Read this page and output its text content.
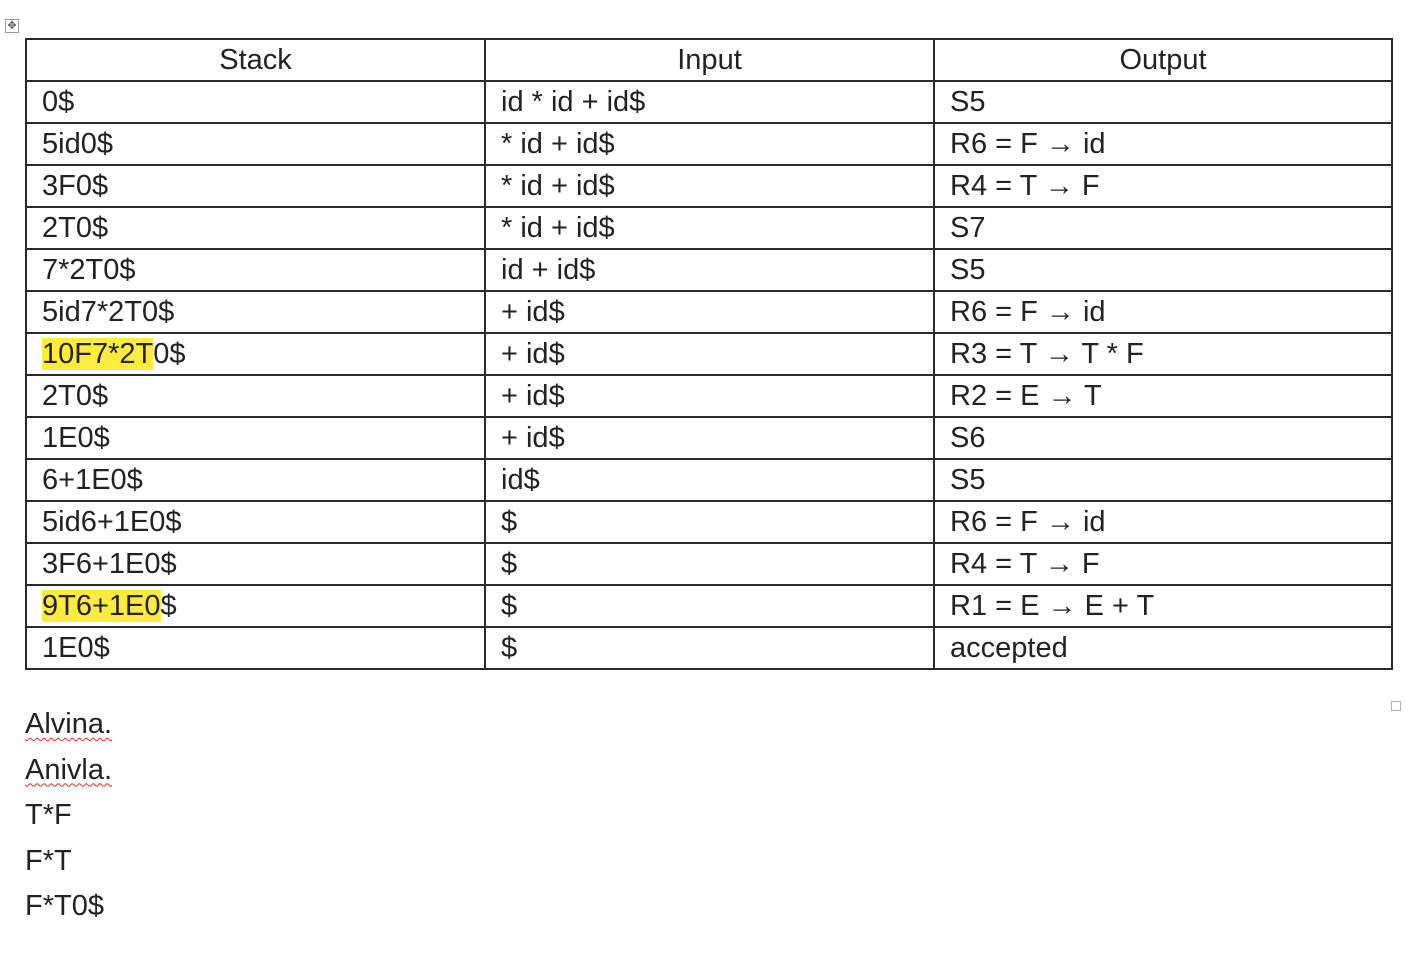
✥
Stack	Input	Output
0$	id * id + id$	S5
5id0$	* id + id$	R6 = F → id
3F0$	* id + id$	R4 = T → F
2T0$	* id + id$	S7
7*2T0$	id + id$	S5
5id7*2T0$	+ id$	R6 = F → id
10F7*2T0$	+ id$	R3 = T → T * F
2T0$	+ id$	R2 = E → T
1E0$	+ id$	S6
6+1E0$	id$	S5
5id6+1E0$	$	R6 = F → id
3F6+1E0$	$	R4 = T → F
9T6+1E0$	$	R1 = E → E + T
1E0$	$	accepted
Alvina.
Anivla.
T*F
F*T
F*T0$
